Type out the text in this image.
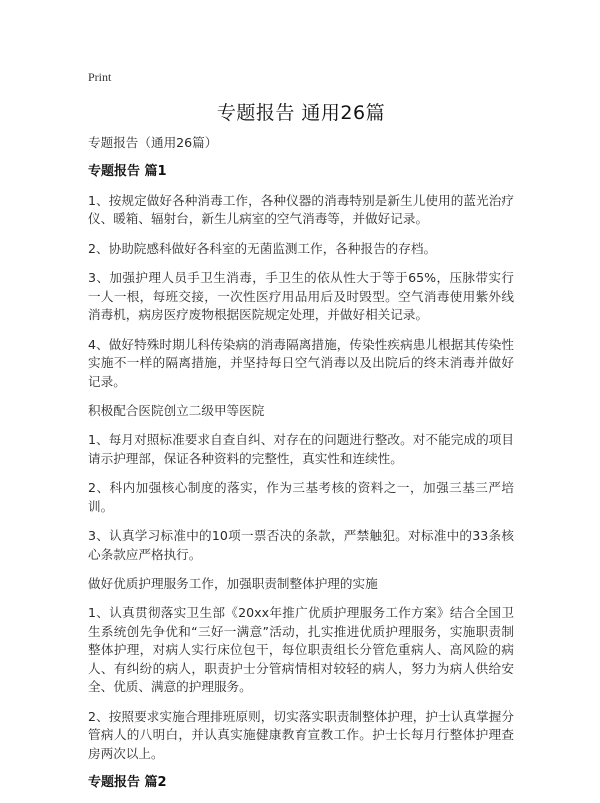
Print
专题报告 通用26篇

专题报告（通用26篇）

专题报告 篇1

1、按规定做好各种消毒工作，各种仪器的消毒特别是新生儿使用的蓝光治疗仪、暖箱、辐射台，新生儿病室的空气消毒等，并做好记录。

2、协助院感科做好各科室的无菌监测工作，各种报告的存档。

3、加强护理人员手卫生消毒，手卫生的依从性大于等于65%，压脉带实行一人一根，每班交接，一次性医疗用品用后及时毁型。空气消毒使用紫外线消毒机，病房医疗废物根据医院规定处理，并做好相关记录。

4、做好特殊时期儿科传染病的消毒隔离措施，传染性疾病患儿根据其传染性实施不一样的隔离措施，并坚持每日空气消毒以及出院后的终末消毒并做好记录。

积极配合医院创立二级甲等医院

1、每月对照标准要求自查自纠、对存在的问题进行整改。对不能完成的项目请示护理部，保证各种资料的完整性，真实性和连续性。

2、科内加强核心制度的落实，作为三基考核的资料之一，加强三基三严培训。

3、认真学习标准中的10项一票否决的条款，严禁触犯。对标准中的33条核心条款应严格执行。

做好优质护理服务工作，加强职责制整体护理的实施

1、认真贯彻落实卫生部《20xx年推广优质护理服务工作方案》结合全国卫生系统创先争优和“三好一满意”活动，扎实推进优质护理服务，实施职责制整体护理，对病人实行床位包干，每位职责组长分管危重病人、高风险的病人、有纠纷的病人，职责护士分管病情相对较轻的病人，努力为病人供给安全、优质、满意的护理服务。

2、按照要求实施合理排班原则，切实落实职责制整体护理，护士认真掌握分管病人的八明白，并认真实施健康教育宣教工作。护士长每月行整体护理查房两次以上。

专题报告 篇2
